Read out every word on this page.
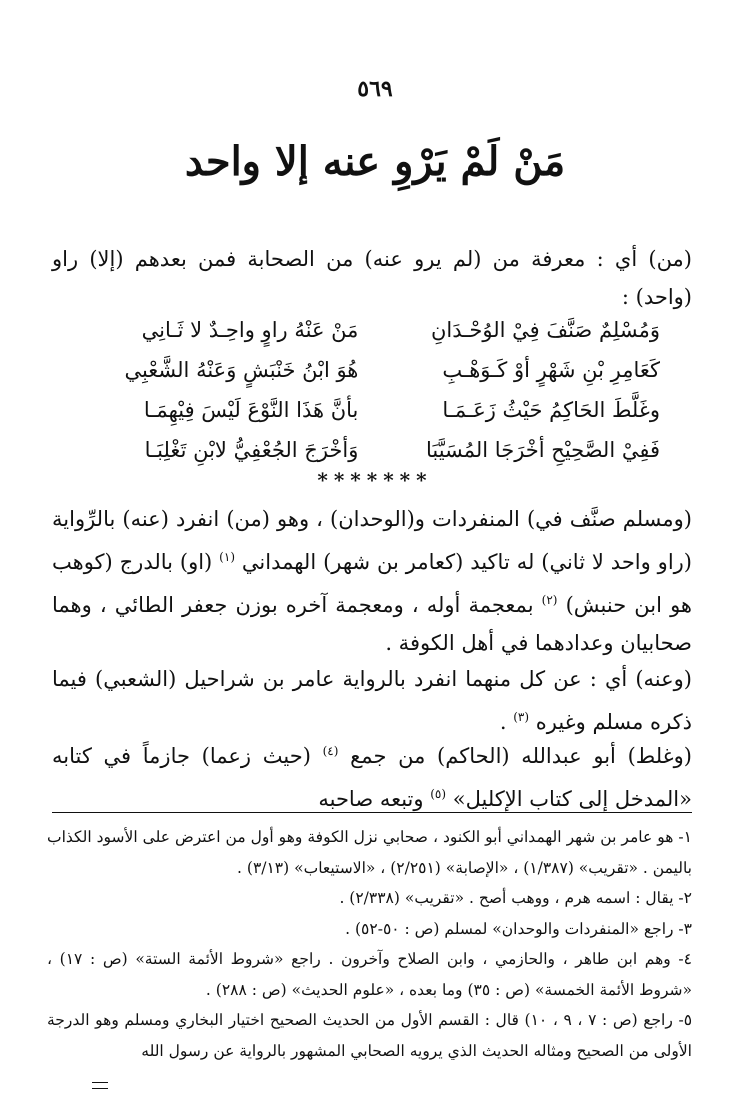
٥٦٩
مَنْ لَمْ يَرْوِ عنه إلا واحد

(من) أي : معرفة من (لم يرو عنه) من الصحابة فمن بعدهم (إلا) راو (واحد) :

وَمُسْلِمٌ صَنَّفَ فِيْ الوُحْـدَانِ
مَنْ عَنْهُ راوٍ واحِـدٌ لا ثَـانِي
كَعَامِرِ بْنِ شَهْرٍ أوْ كَـوَهْـبِ
هُوَ ابْنُ خَنْبَشٍ وَعَنْهُ الشَّعْبِي
وغَلَّطَ الحَاكِمُ حَيْثُ زَعَـمَـا
بأنَّ هَذَا النَّوْعَ لَيْسَ فِيْهِمَـا
فَفِيْ الصَّحِيْحِ أخْرَجَا المُسَيَّبَا
وَأخْرَجَ الجُعْفِيُّ لابْنِ تَغْلِبَـا
*******

(ومسلم صنَّف في) المنفردات و(الوحدان) ، وهو (من) انفرد (عنه) بالرِّواية (راو واحد لا ثاني) له تاكيد (كعامر بن شهر) الهمداني $^{(١)}$ (او) بالدرج (كوهب هو ابن حنبش) $^{(٢)}$ بمعجمة أوله ، ومعجمة آخره بوزن جعفر الطائي ، وهما صحابيان وعدادهما في أهل الكوفة .

(وعنه) أي : عن كل منهما انفرد بالرواية عامر بن شراحيل (الشعبي) فيما ذكره مسلم وغيره $^{(٣)}$ .

(وغلط) أبو عبدالله (الحاكم) من جمع $^{(٤)}$ (حيث زعما) جازماً في كتابه «المدخل إلى كتاب الإكليل» $^{(٥)}$ وتبعه صاحبه

١- هو عامر بن شهر الهمداني أبو الكنود ، صحابي نزل الكوفة وهو أول من اعترض على الأسود الكذاب باليمن . «تقريب» (١/٣٨٧) ، «الإصابة» (٢/٢٥١) ، «الاستيعاب» (٣/١٣) .

٢- يقال : اسمه هرم ، ووهب أصح . «تقريب» (٢/٣٣٨) .

٣- راجع «المنفردات والوحدان» لمسلم (ص : ٥٠-٥٢) .

٤- وهم ابن طاهر ، والحازمي ، وابن الصلاح وآخرون . راجع «شروط الأئمة الستة» (ص : ١٧) ، «شروط الأئمة الخمسة» (ص : ٣٥) وما بعده ، «علوم الحديث» (ص : ٢٨٨) .

٥- راجع (ص : ٧ ، ٩ ، ١٠) قال : القسم الأول من الحديث الصحيح اختيار البخاري ومسلم وهو الدرجة الأولى من الصحيح ومثاله الحديث الذي يرويه الصحابي المشهور بالرواية عن رسول الله
